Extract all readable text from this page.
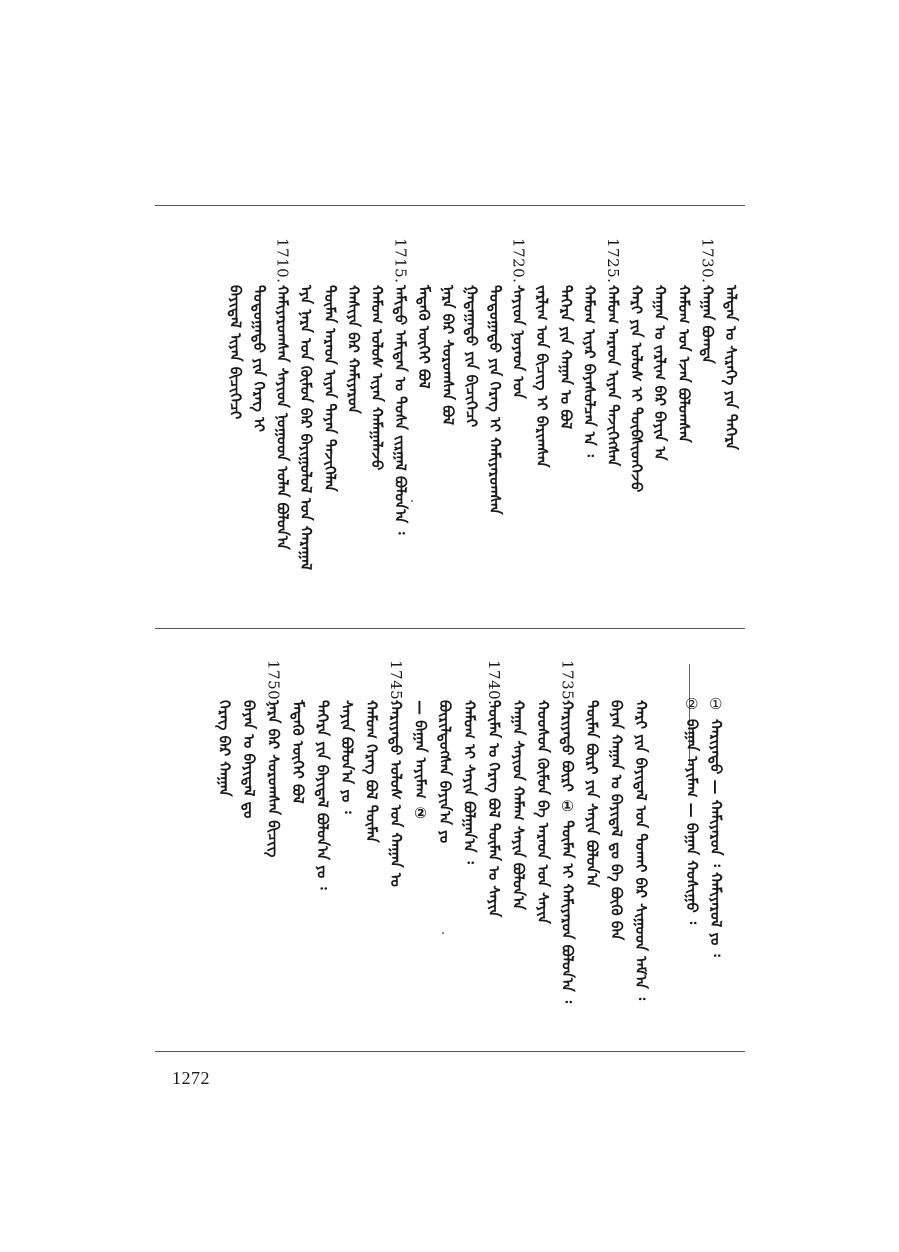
ᠠᠯᠲᠠᠨ ᠤ ᠰᠢᠷᠡᠭᠡ ᠶᠢᠨ ᠳᠡᠭᠡᠷᠡ
1730.
ᠬᠠᠭᠠᠨ ᠪᠣᠭᠳᠠ
ᠬᠠᠮᠤᠭ ᠤᠨ ᠡᠵᠡᠨ ᠪᠣᠯᠤᠭᠰᠠᠨ
ᠬᠠᠭᠠᠨ ᠤ ᠵᠠᠷᠯᠢᠭ ᠪᠠᠷ ᠪᠠᠶᠢᠨ ᠠ
ᠬᠠᠷᠢ ᠶᠢᠨ ᠤᠯᠤᠰ ᠢ ᠲᠥᠪᠰᠢᠳᠬᠡᠵᠦ
1725.
ᠬᠠᠮᠤᠭ ᠠᠷᠠᠳ ᠢᠶᠠᠨ ᠲᠡᠵᠢᠭᠡᠭᠰᠡᠨ
ᠬᠠᠮᠤᠭ ᠢᠶᠠᠷ ᠪᠠᠶᠠᠰᠤᠯᠴᠠᠨ ᠠ ᠄
ᠳᠡᠭᠡᠷᠡ ᠶᠢᠨ ᠬᠠᠭᠠᠨ ᠤ ᠪᠣᠯ
ᠵᠠᠷᠯᠢᠭ ᠤᠨ ᠪᠢᠴᠢᠭ ᠢ ᠪᠠᠷᠢᠭᠰᠠᠨ
1720.
ᠰᠠᠶᠢᠳ ᠨᠣᠶᠠᠳ ᠤᠨ
ᠳᠣᠲᠣᠭᠠᠳᠤ ᠶᠢᠨ ᠬᠡᠷᠡᠭ ᠢ ᠬᠠᠮᠢᠶᠠᠷᠤᠭᠰᠠᠨ
ᠭᠠᠳᠠᠭᠠᠳᠤ ᠶᠢᠨ ᠪᠢᠴᠢᠭᠡᠴᠢ
ᠨᠠᠷᠠ ᠪᠠᠷ ᠰᠤᠷᠤᠭᠰᠠᠨ ᠪᠣᠯ
ᠮᠡᠳᠡᠬᠦ ᠦᠭᠡᠢ ᠪᠣᠯ
1715.
ᠠᠮᠢᠳᠤ ᠠᠮᠢᠲᠠᠨ ᠤ ᠲᠤᠰᠠ ᠵᠢᠷᠭᠠᠯ ᠪᠣᠯᠤᠨ᠎ᠠ ᠄
ᠬᠠᠮᠤᠭ ᠤᠯᠤᠰ ᠢᠶᠠᠨ ᠬᠠᠮᠠᠭᠠᠯᠠᠵᠤ
ᠬᠠᠰᠢᠶᠠ ᠪᠠᠷ ᠬᠠᠮᠢᠶᠠᠷᠤᠨ
ᠲᠦᠮᠡᠨ ᠠᠷᠠᠳ ᠢᠶᠠᠨ ᠳᠠᠶᠠᠨ ᠲᠡᠵᠢᠭᠡᠯᠡᠨ
ᠡᠶᠡ ᠨᠠᠷᠠ ᠤᠨ ᠬᠦᠮᠦᠨ ᠪᠡᠷ ᠪᠠᠶᠢᠭᠤᠯᠤᠯ ᠤᠨ ᠬᠠᠷᠠᠭᠠᠯ
1710.
ᠬᠠᠮᠢᠶᠠᠷᠤᠭᠰᠠᠨ ᠰᠠᠶᠢᠳ ᠨᠤᠭᠤᠳ ᠣᠯᠠᠨ ᠪᠣᠯᠤᠨ᠎ᠠ
ᠳᠣᠲᠣᠭᠠᠳᠤ ᠶᠢᠨ ᠬᠡᠷᠡᠭ ᠢ
ᠪᠠᠶᠢᠳᠠᠯ ᠢᠶᠠᠨ ᠪᠢᠴᠢᠭᠡᠴᠢ
ᠬᠠᠷᠢ ᠶᠢᠨ ᠪᠠᠶᠢᠳᠠᠯ ᠤᠨ ᠲᠣᠬᠠᠢ ᠪᠠᠷ ᠰᠢᠭᠤᠳ ᠠᠮ᠎ᠠ ᠄
ᠪᠠᠶᠠᠨ ᠬᠠᠭᠠᠨ ᠤ ᠪᠠᠶᠢᠳᠠᠯ ᠳᠤ ᠪᠠ ᠪᠦᠬᠦ ᠪᠠᠨ
ᠲᠦᠮᠡᠨ ᠪᠦᠷᠢ ᠶᠢᠨ ᠰᠠᠶᠢᠨ ᠪᠣᠯᠤᠨ᠎ᠠ
1735.
ᠬᠠᠷᠢᠶᠠᠲᠤ ᠪᠦᠷᠢ ① ᠲᠦᠮᠡᠨ ᠢ ᠬᠠᠮᠢᠶᠠᠷᠤᠨ ᠪᠣᠯᠤᠨ᠎ᠠ ᠄
ᠬᠣᠣᠰᠣᠨ ᠬᠦᠮᠦᠨ ᠪᠠ ᠠᠷᠠᠳ ᠤᠨ ᠰᠠᠶᠢᠨ
ᠬᠠᠭᠠᠨ ᠰᠠᠶᠢᠳ ᠬᠠᠮᠠᠭ ᠰᠠᠶᠢᠨ ᠪᠣᠯᠤᠨ᠎ᠠ
1740.
ᠲᠦᠮᠡᠨ ᠤ ᠬᠡᠷᠡᠭ ᠪᠣᠯ ᠲᠦᠮᠡᠨ ᠤ ᠰᠠᠶᠢᠨ
ᠬᠠᠮᠤᠭ ᠢ ᠰᠠᠶᠢᠨ ᠪᠣᠯᠭᠠᠨ᠎ᠠ ᠄
ᠪᠦᠷᠢᠯᠳᠦᠭᠰᠡᠨ ᠪᠠᠶᠢᠨ᠎ᠠ ᠶᠤ
— ᠪᠠᠭᠠᠨ ᠠᠶᠢᠮᠠᠭ ②
1745.
ᠬᠠᠷᠢᠶᠠᠲᠤ ᠤᠯᠤᠰ ᠤᠨ ᠬᠠᠭᠠᠨ ᠤ
ᠬᠠᠮᠤᠭ ᠬᠡᠷᠡᠭ ᠪᠣᠯ ᠲᠦᠮᠡᠨ
ᠰᠠᠶᠢᠨ ᠪᠣᠯᠤᠨ᠎ᠠ ᠶᠤ ᠄
ᠳᠡᠭᠡᠷᠡ ᠶᠢᠨ ᠪᠠᠶᠢᠳᠠᠯ ᠪᠣᠯᠤᠨ᠎ᠠ ᠶᠤ ᠄
ᠮᠡᠳᠡᠬᠦ ᠦᠭᠡᠢ ᠪᠣᠯ
1750.
ᠨᠠᠷᠠ ᠪᠠᠷ ᠰᠤᠷᠤᠭᠰᠠᠨ ᠪᠢᠴᠢᠭ
ᠪᠠᠶᠠᠨ ᠤ ᠪᠠᠶᠢᠳᠠᠯ ᠳᠤ
ᠬᠡᠷᠡᠭ ᠪᠡᠷ ᠬᠠᠭᠠᠨ	①
ᠬᠠᠷᠢᠶᠠᠲᠤ — ᠬᠠᠮᠢᠶᠠᠷᠤᠨ ᠄ ᠬᠠᠮᠢᠶᠠᠷᠤᠯ ᠶᠤ ᠄
②
ᠪᠠᠭᠠᠨ ᠠᠶᠢᠮᠠᠭ — ᠪᠠᠭᠠᠨ ᠬᠣᠰᠢᠭᠤ ᠄
1272
